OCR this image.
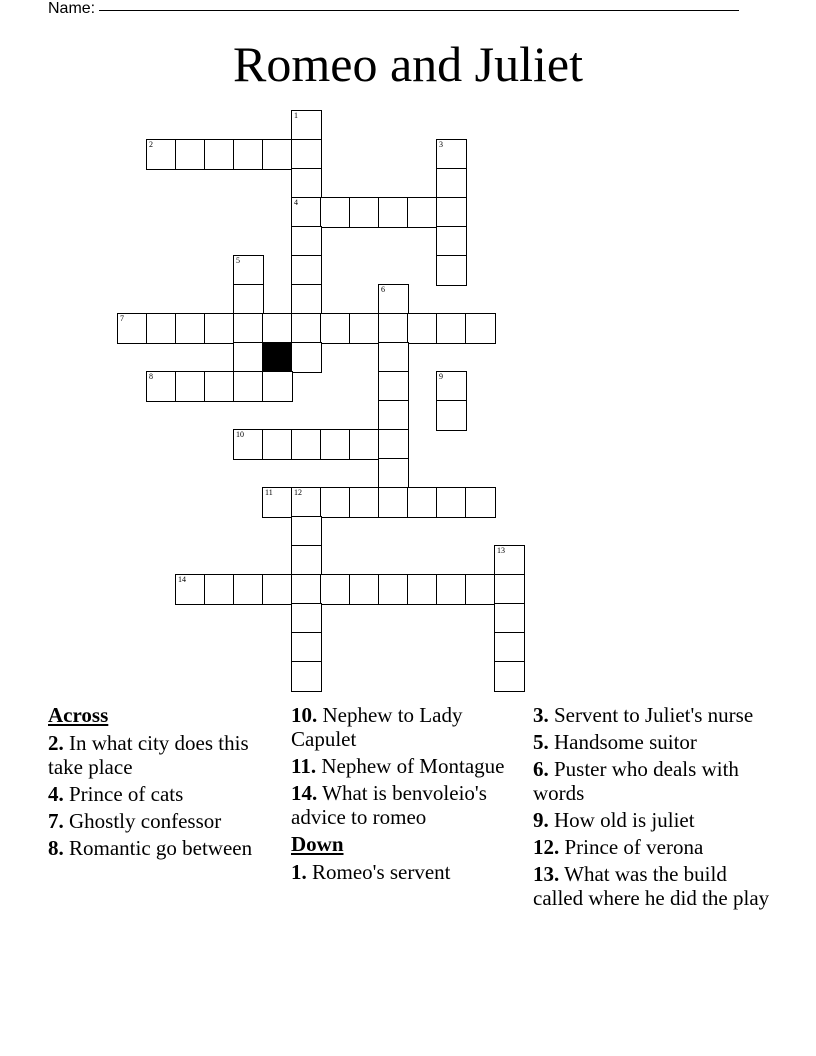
Name:
Romeo and Juliet
1
2	3
4
5
6
7
8	9
10
11	12
13
14
Across
2. In what city does this take place
4. Prince of cats
7. Ghostly confessor
8. Romantic go between
10. Nephew to Lady Capulet
11. Nephew of Montague
14. What is benvoleio's advice to romeo
Down
1. Romeo's servent
3. Servent to Juliet's nurse
5. Handsome suitor
6. Puster who deals with words
9. How old is juliet
12. Prince of verona
13. What was the build called where he did the play
